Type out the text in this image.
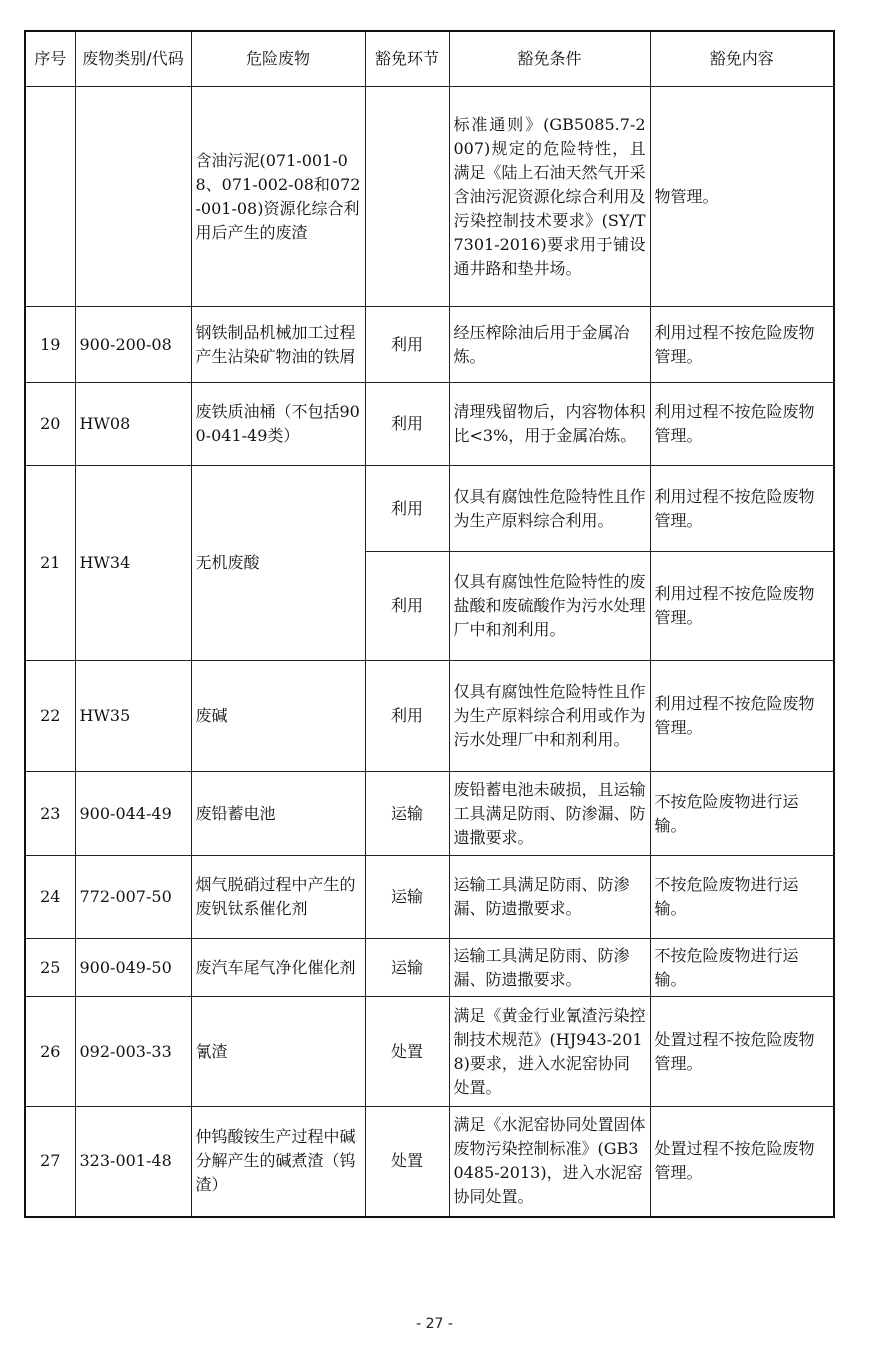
序号	废物类别/代码	危险废物	豁免环节	豁免条件	豁免内容
		含油污泥(071-001-08、071-002-08和072-001-08)资源化综合利用后产生的废渣		标准通则》(GB5085.7-2007)规定的危险特性，且满足《陆上石油天然气开采含油污泥资源化综合利用及污染控制技术要求》(SY/T7301-2016)要求用于铺设通井路和垫井场。	物管理。
19	900-200-08	钢铁制品机械加工过程产生沾染矿物油的铁屑	利用	经压榨除油后用于金属冶炼。	利用过程不按危险废物管理。
20	HW08	废铁质油桶（不包括900-041-49类）	利用	清理残留物后，内容物体积比<3%，用于金属冶炼。	利用过程不按危险废物管理。
21	HW34	无机废酸	利用	仅具有腐蚀性危险特性且作为生产原料综合利用。	利用过程不按危险废物管理。
			利用	仅具有腐蚀性危险特性的废盐酸和废硫酸作为污水处理厂中和剂利用。	利用过程不按危险废物管理。
22	HW35	废碱	利用	仅具有腐蚀性危险特性且作为生产原料综合利用或作为污水处理厂中和剂利用。	利用过程不按危险废物管理。
23	900-044-49	废铅蓄电池	运输	废铅蓄电池未破损，且运输工具满足防雨、防渗漏、防遗撒要求。	不按危险废物进行运输。
24	772-007-50	烟气脱硝过程中产生的废钒钛系催化剂	运输	运输工具满足防雨、防渗漏、防遗撒要求。	不按危险废物进行运输。
25	900-049-50	废汽车尾气净化催化剂	运输	运输工具满足防雨、防渗漏、防遗撒要求。	不按危险废物进行运输。
26	092-003-33	氰渣	处置	满足《黄金行业氰渣污染控制技术规范》(HJ943-2018)要求，进入水泥窑协同处置。	处置过程不按危险废物管理。
27	323-001-48	仲钨酸铵生产过程中碱分解产生的碱煮渣（钨渣）	处置	满足《水泥窑协同处置固体废物污染控制标准》(GB30485-2013)，进入水泥窑协同处置。	处置过程不按危险废物管理。
- 27 -
